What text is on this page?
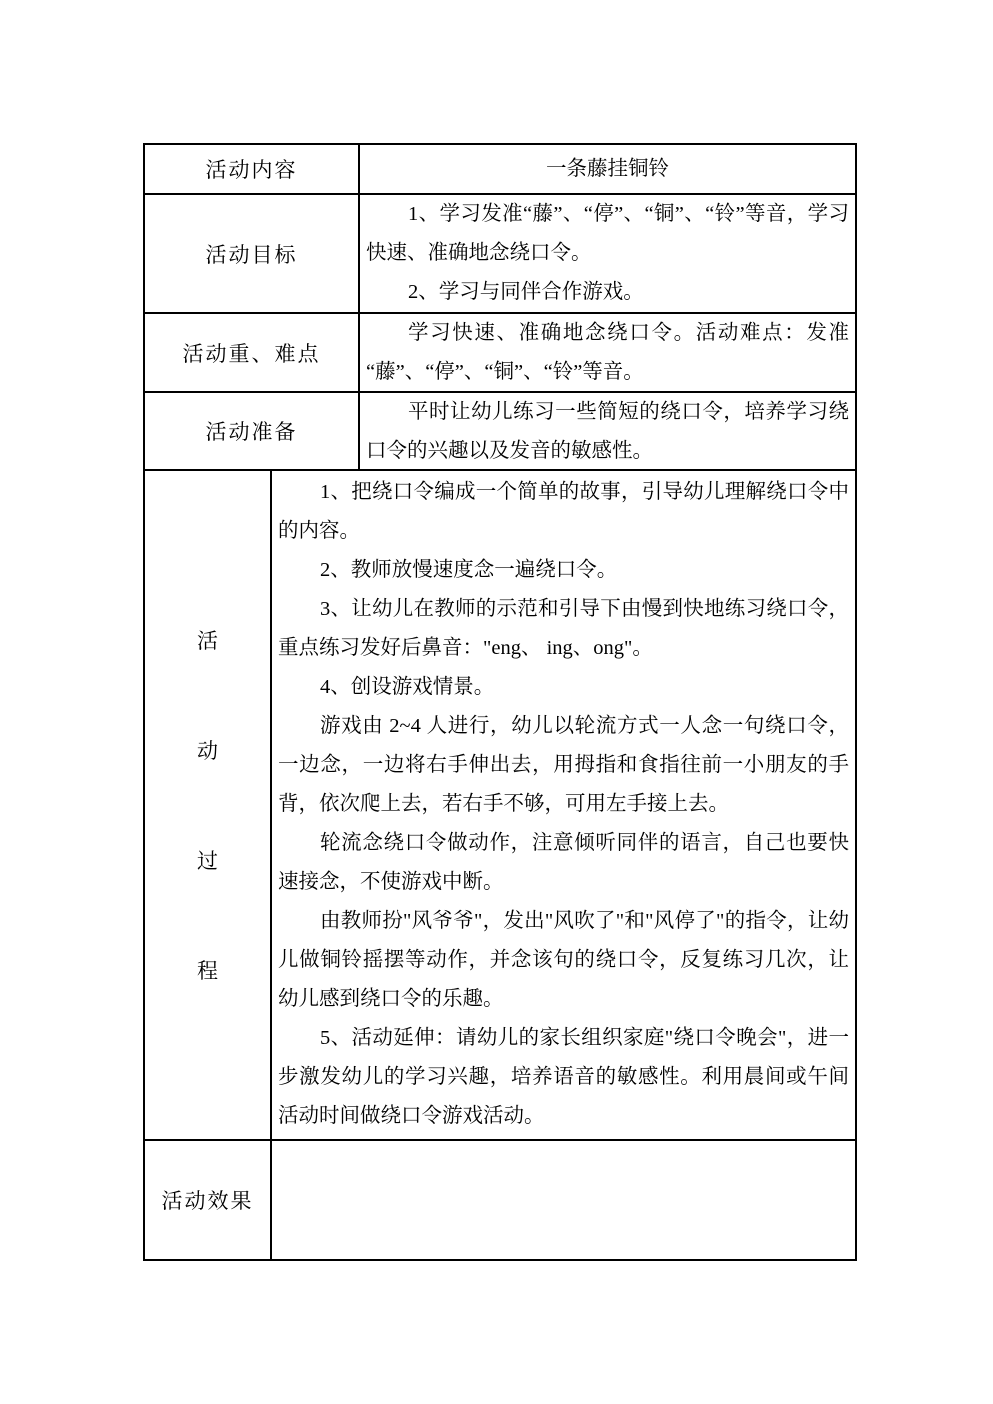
活动内容	一条藤挂铜铃

活动目标

1、学习发准“藤”、“停”、“铜”、“铃”等音，学习快速、准确地念绕口令。

2、学习与同伴合作游戏。

活动重、难点

学习快速、准确地念绕口令。活动难点：发准“藤”、“停”、“铜”、“铃”等音。

活动准备

平时让幼儿练习一些简短的绕口令，培养学习绕口令的兴趣以及发音的敏感性。

活
动
过
程

1、把绕口令编成一个简单的故事，引导幼儿理解绕口令中的内容。

2、教师放慢速度念一遍绕口令。

3、让幼儿在教师的示范和引导下由慢到快地练习绕口令，重点练习发好后鼻音："eng、 ing、ong"。

4、创设游戏情景。

游戏由 2~4 人进行，幼儿以轮流方式一人念一句绕口令，一边念，一边将右手伸出去，用拇指和食指往前一小朋友的手背，依次爬上去，若右手不够，可用左手接上去。

轮流念绕口令做动作，注意倾听同伴的语言，自己也要快速接念，不使游戏中断。

由教师扮"风爷爷"，发出"风吹了"和"风停了"的指令，让幼儿做铜铃摇摆等动作，并念该句的绕口令，反复练习几次，让幼儿感到绕口令的乐趣。

5、活动延伸：请幼儿的家长组织家庭"绕口令晚会"，进一步激发幼儿的学习兴趣，培养语音的敏感性。利用晨间或午间活动时间做绕口令游戏活动。

活动效果
